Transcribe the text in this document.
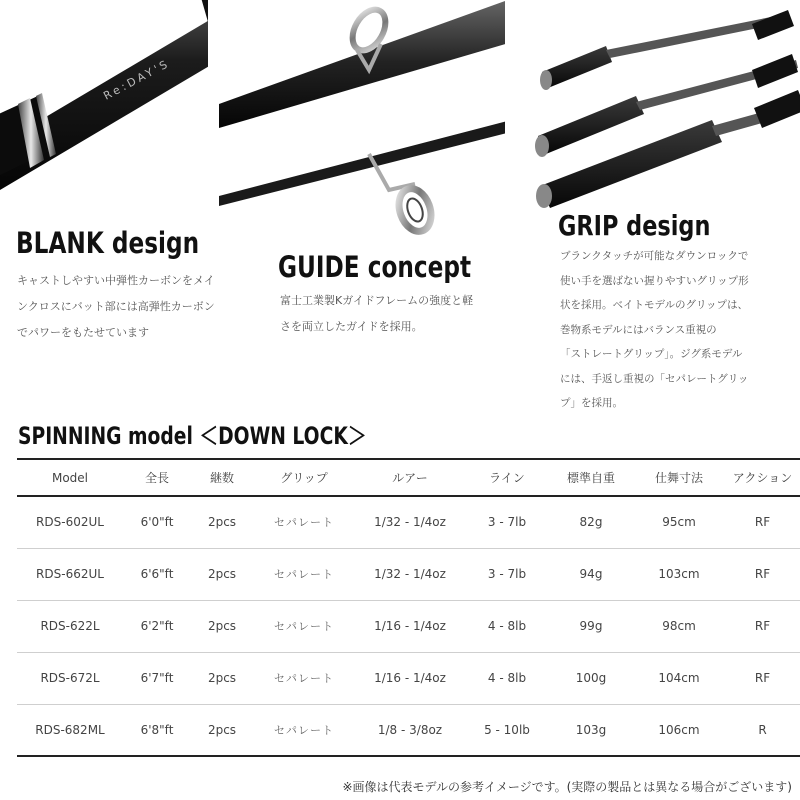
Re:DAY'S
BLANK design
キャストしやすい中弾性カーボンをメイ
ンクロスにバット部には高弾性カーボン
でパワーをもたせています
GUIDE concept
富士工業製Kガイドフレームの強度と軽
さを両立したガイドを採用。
GRIP design
ブランクタッチが可能なダウンロックで
使い手を選ばない握りやすいグリップ形
状を採用。ベイトモデルのグリップは、
巻物系モデルにはバランス重視の
「ストレートグリップ」。ジグ系モデル
には、手返し重視の「セパレートグリッ
プ」を採用。
SPINNING model ＜DOWN LOCK＞
Model	全長	継数	グリップ	ルアー	ライン	標準自重	仕舞寸法	アクション
RDS-602UL	6'0"ft	2pcs	セパレート	1/32 - 1/4oz	3 - 7lb	82g	95cm	RF
RDS-662UL	6'6"ft	2pcs	セパレート	1/32 - 1/4oz	3 - 7lb	94g	103cm	RF
RDS-622L	6'2"ft	2pcs	セパレート	1/16 - 1/4oz	4 - 8lb	99g	98cm	RF
RDS-672L	6'7"ft	2pcs	セパレート	1/16 - 1/4oz	4 - 8lb	100g	104cm	RF
RDS-682ML	6'8"ft	2pcs	セパレート	1/8 - 3/8oz	5 - 10lb	103g	106cm	R

※画像は代表モデルの参考イメージです。(実際の製品とは異なる場合がございます)
